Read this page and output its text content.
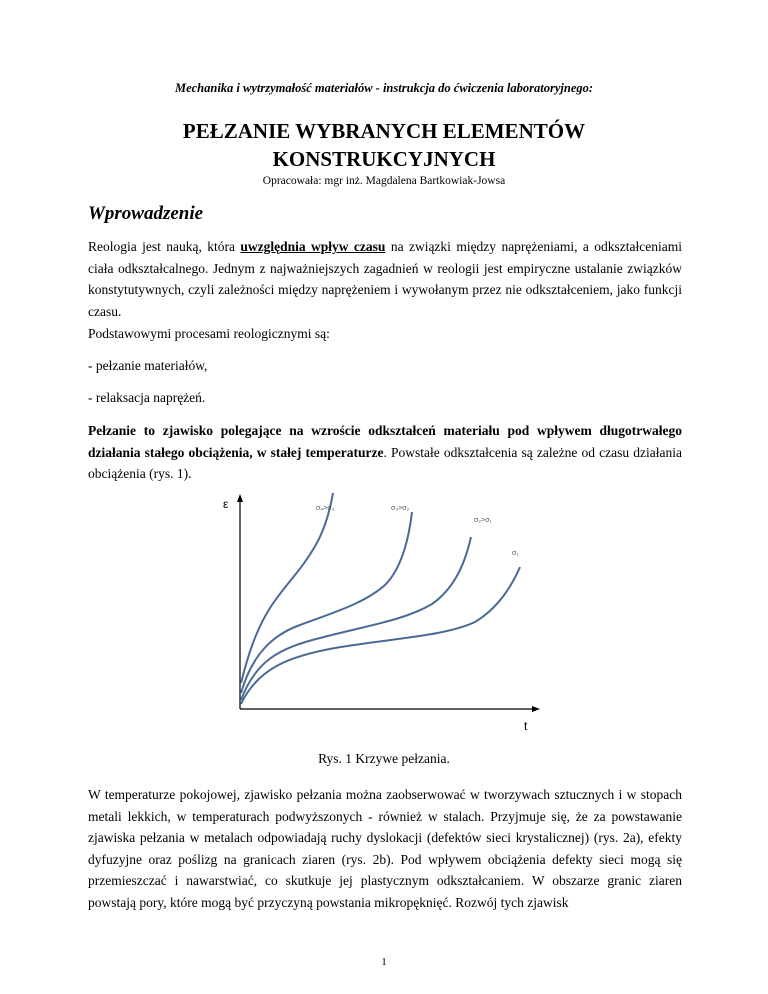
Mechanika i wytrzymałość materiałów - instrukcja do ćwiczenia laboratoryjnego:
PEŁZANIE WYBRANYCH ELEMENTÓW
KONSTRUKCYJNYCH
Opracowała: mgr inż. Magdalena Bartkowiak-Jowsa
Wprowadzenie
Reologia jest nauką, która uwzględnia wpływ czasu na związki między naprężeniami, a odkształceniami ciała odkształcalnego. Jednym z najważniejszych zagadnień w reologii jest empiryczne ustalanie związków konstytutywnych, czyli zależności między naprężeniem i wywołanym przez nie odkształceniem, jako funkcji czasu.
Podstawowymi procesami reologicznymi są:
- pełzanie materiałów,
- relaksacja naprężeń.
Pełzanie to zjawisko polegające na wzroście odkształceń materiału pod wpływem długotrwałego działania stałego obciążenia, w stałej temperaturze. Powstałe odkształcenia są zależne od czasu działania obciążenia (rys. 1).
ε
t
σ₄>σ₃	σ₃>σ₂
σ₂>σ₁
σ₁
Rys. 1 Krzywe pełzania.
W temperaturze pokojowej, zjawisko pełzania można zaobserwować w tworzywach sztucznych i w stopach metali lekkich, w temperaturach podwyższonych - również w stalach. Przyjmuje się, że za powstawanie zjawiska pełzania w metalach odpowiadają ruchy dyslokacji (defektów sieci krystalicznej) (rys. 2a), efekty dyfuzyjne oraz poślizg na granicach ziaren (rys. 2b). Pod wpływem obciążenia defekty sieci mogą się przemieszczać i nawarstwiać, co skutkuje jej plastycznym odkształcaniem. W obszarze granic ziaren powstają pory, które mogą być przyczyną powstania mikropęknięć. Rozwój tych zjawisk
1
